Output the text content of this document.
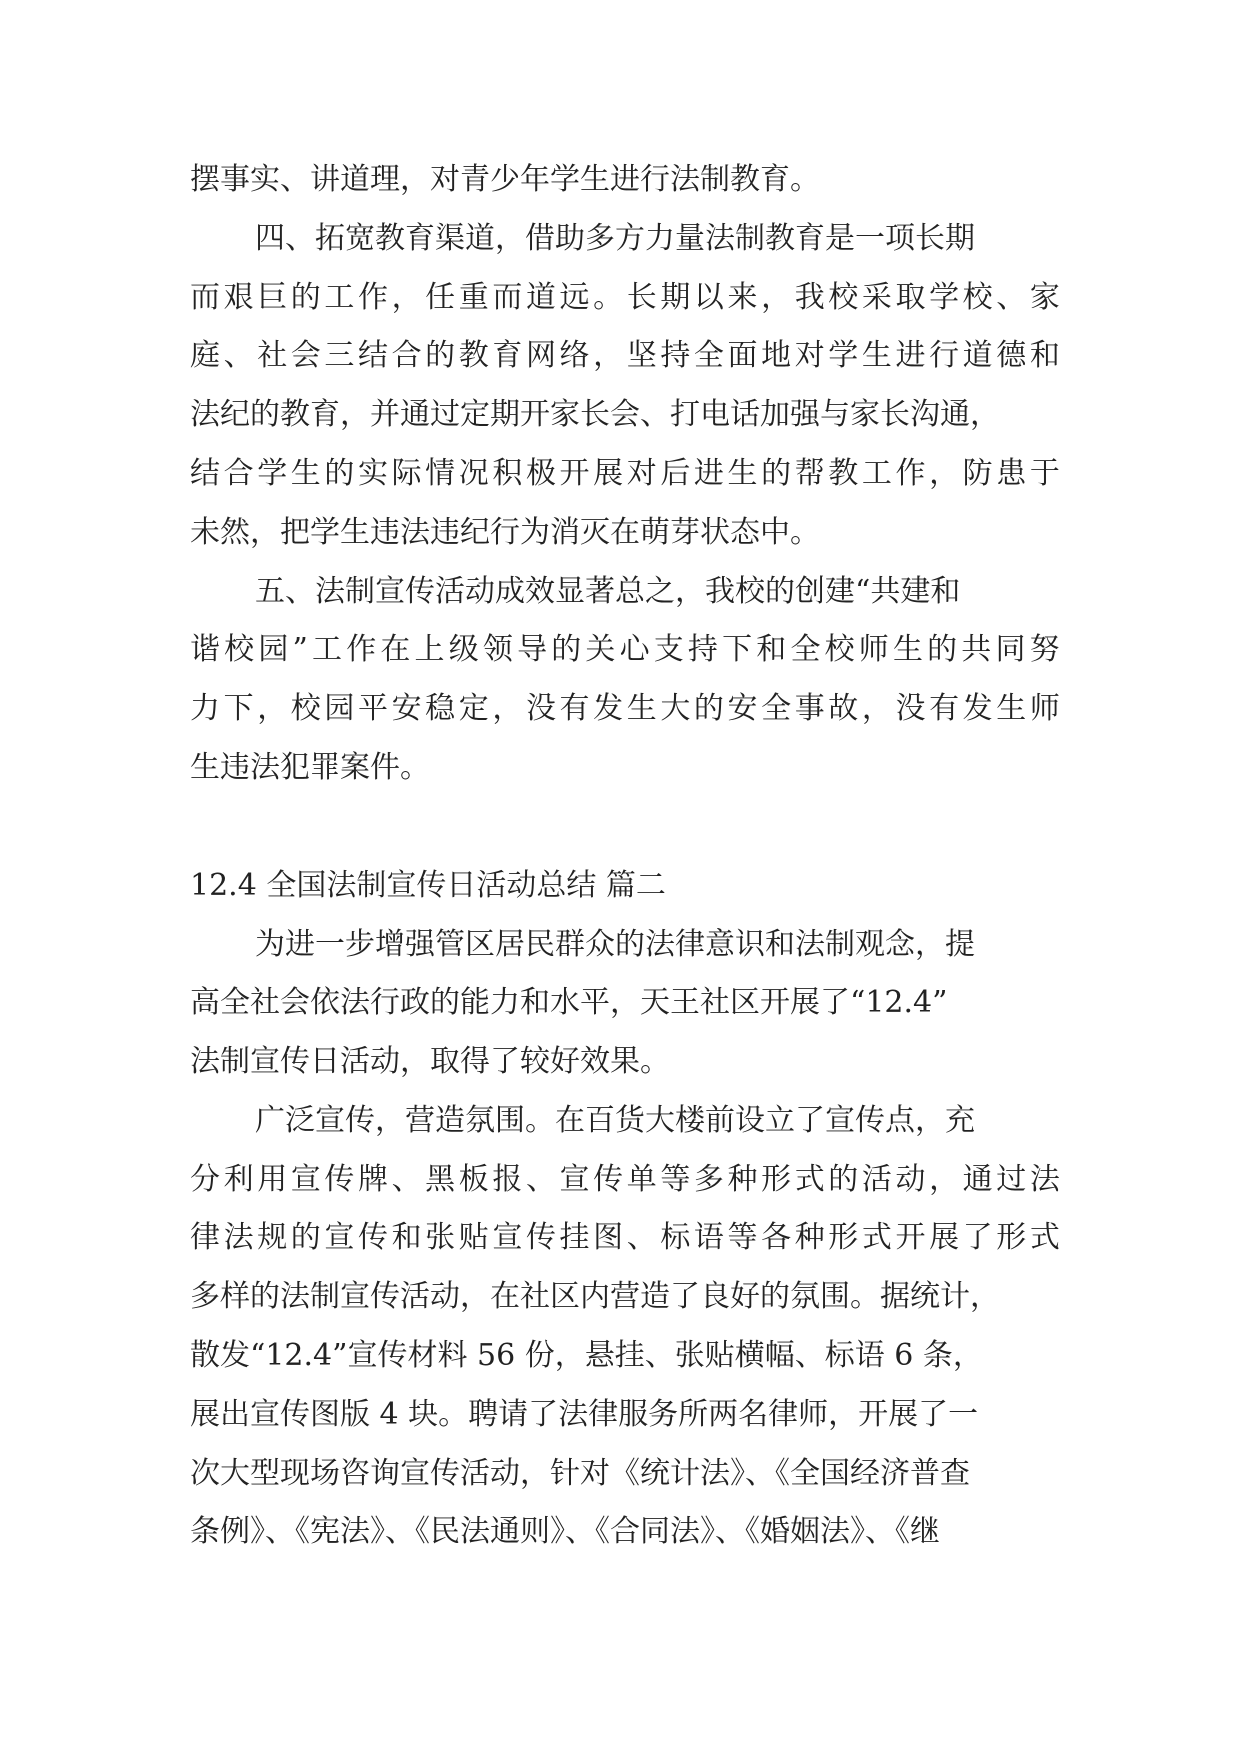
摆事实、讲道理，对青少年学生进行法制教育。
四、拓宽教育渠道，借助多方力量法制教育是一项长期
而 艰 巨 的 工 作 ， 任 重 而 道 远 。 长 期 以 来 ， 我 校 采 取 学 校 、 家
庭 、 社 会 三 结 合 的 教 育 网 络 ， 坚 持 全 面 地 对 学 生 进 行 道 德 和
法纪的教育，并通过定期开家长会、打电话加强与家长沟通，
结 合 学 生 的 实 际 情 况 积 极 开 展 对 后 进 生 的 帮 教 工 作 ， 防 患 于
未然，把学生违法违纪行为消灭在萌芽状态中。
五、法制宣传活动成效显著总之，我校的创建“共建和
谐 校 园 ” 工 作 在 上 级 领 导 的 关 心 支 持 下 和 全 校 师 生 的 共 同 努
力 下 ， 校 园 平 安 稳 定 ， 没 有 发 生 大 的 安 全 事 故 ， 没 有 发 生 师
生违法犯罪案件。
12.4 全国法制宣传日活动总结 篇二
为进一步增强管区居民群众的法律意识和法制观念，提
高全社会依法行政的能力和水平，天王社区开展了“12.4”
法制宣传日活动，取得了较好效果。
广泛宣传，营造氛围。在百货大楼前设立了宣传点，充
分 利 用 宣 传 牌 、 黑 板 报 、 宣 传 单 等 多 种 形 式 的 活 动 ， 通 过 法
律 法 规 的 宣 传 和 张 贴 宣 传 挂 图 、 标 语 等 各 种 形 式 开 展 了 形 式
多样的法制宣传活动，在社区内营造了良好的氛围。据统计，
散发“12.4”宣传材料 56 份，悬挂、张贴横幅、标语 6 条，
展出宣传图版 4 块。聘请了法律服务所两名律师，开展了一
次大型现场咨询宣传活动，针对《统计法》、《全国经济普查
条例》、《宪法》、《民法通则》、《合同法》、《婚姻法》、《继
